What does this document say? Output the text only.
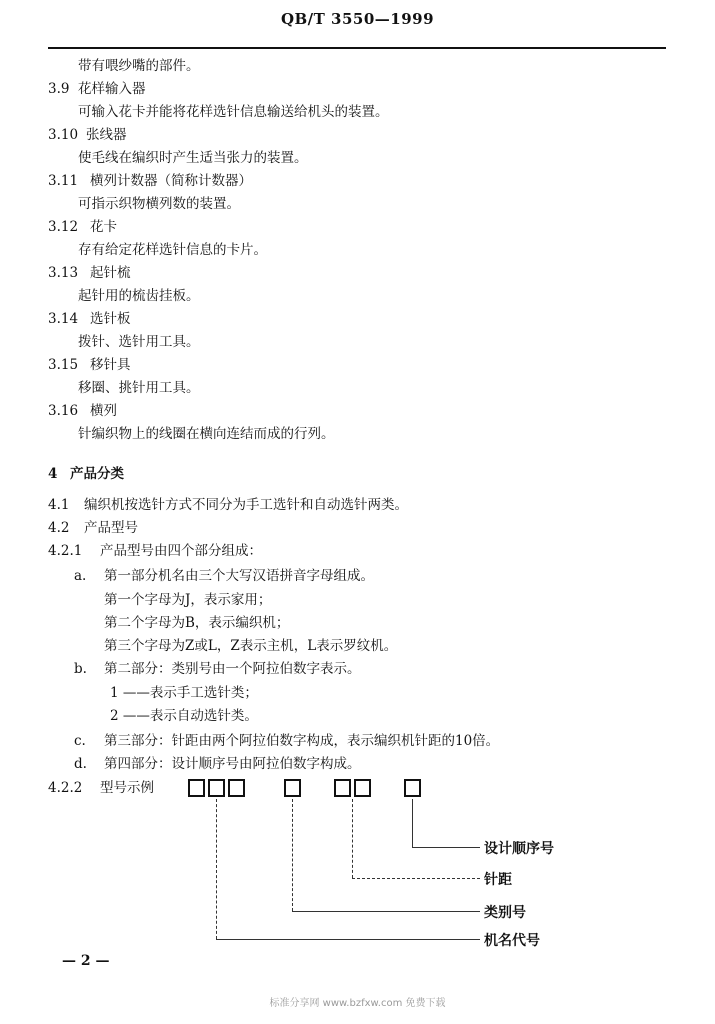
QB/T 3550—1999
带有喂纱嘴的部件。
3.9 花样输入器
可输入花卡并能将花样选针信息输送给机头的装置。
3.10 张线器
使毛线在编织时产生适当张力的装置。
3.11 横列计数器（简称计数器）
可指示织物横列数的装置。
3.12 花卡
存有给定花样选针信息的卡片。
3.13 起针梳
起针用的梳齿挂板。
3.14 选针板
拨针、选针用工具。
3.15 移针具
移圈、挑针用工具。
3.16 横列
针编织物上的线圈在横向连结而成的行列。
4 产品分类
4.1 编织机按选针方式不同分为手工选针和自动选针两类。
4.2 产品型号
4.2.1 产品型号由四个部分组成：
a. 第一部分机名由三个大写汉语拼音字母组成。
第一个字母为J，表示家用；
第二个字母为B，表示编织机；
第三个字母为Z或L，Z表示主机，L表示罗纹机。
b. 第二部分：类别号由一个阿拉伯数字表示。
1 ——表示手工选针类；
2 ——表示自动选针类。
c. 第三部分：针距由两个阿拉伯数字构成，表示编织机针距的10倍。
d. 第四部分：设计顺序号由阿拉伯数字构成。
4.2.2 型号示例
设计顺序号
针距
类别号
机名代号
— 2 —
标准分享网 www.bzfxw.com 免费下载
